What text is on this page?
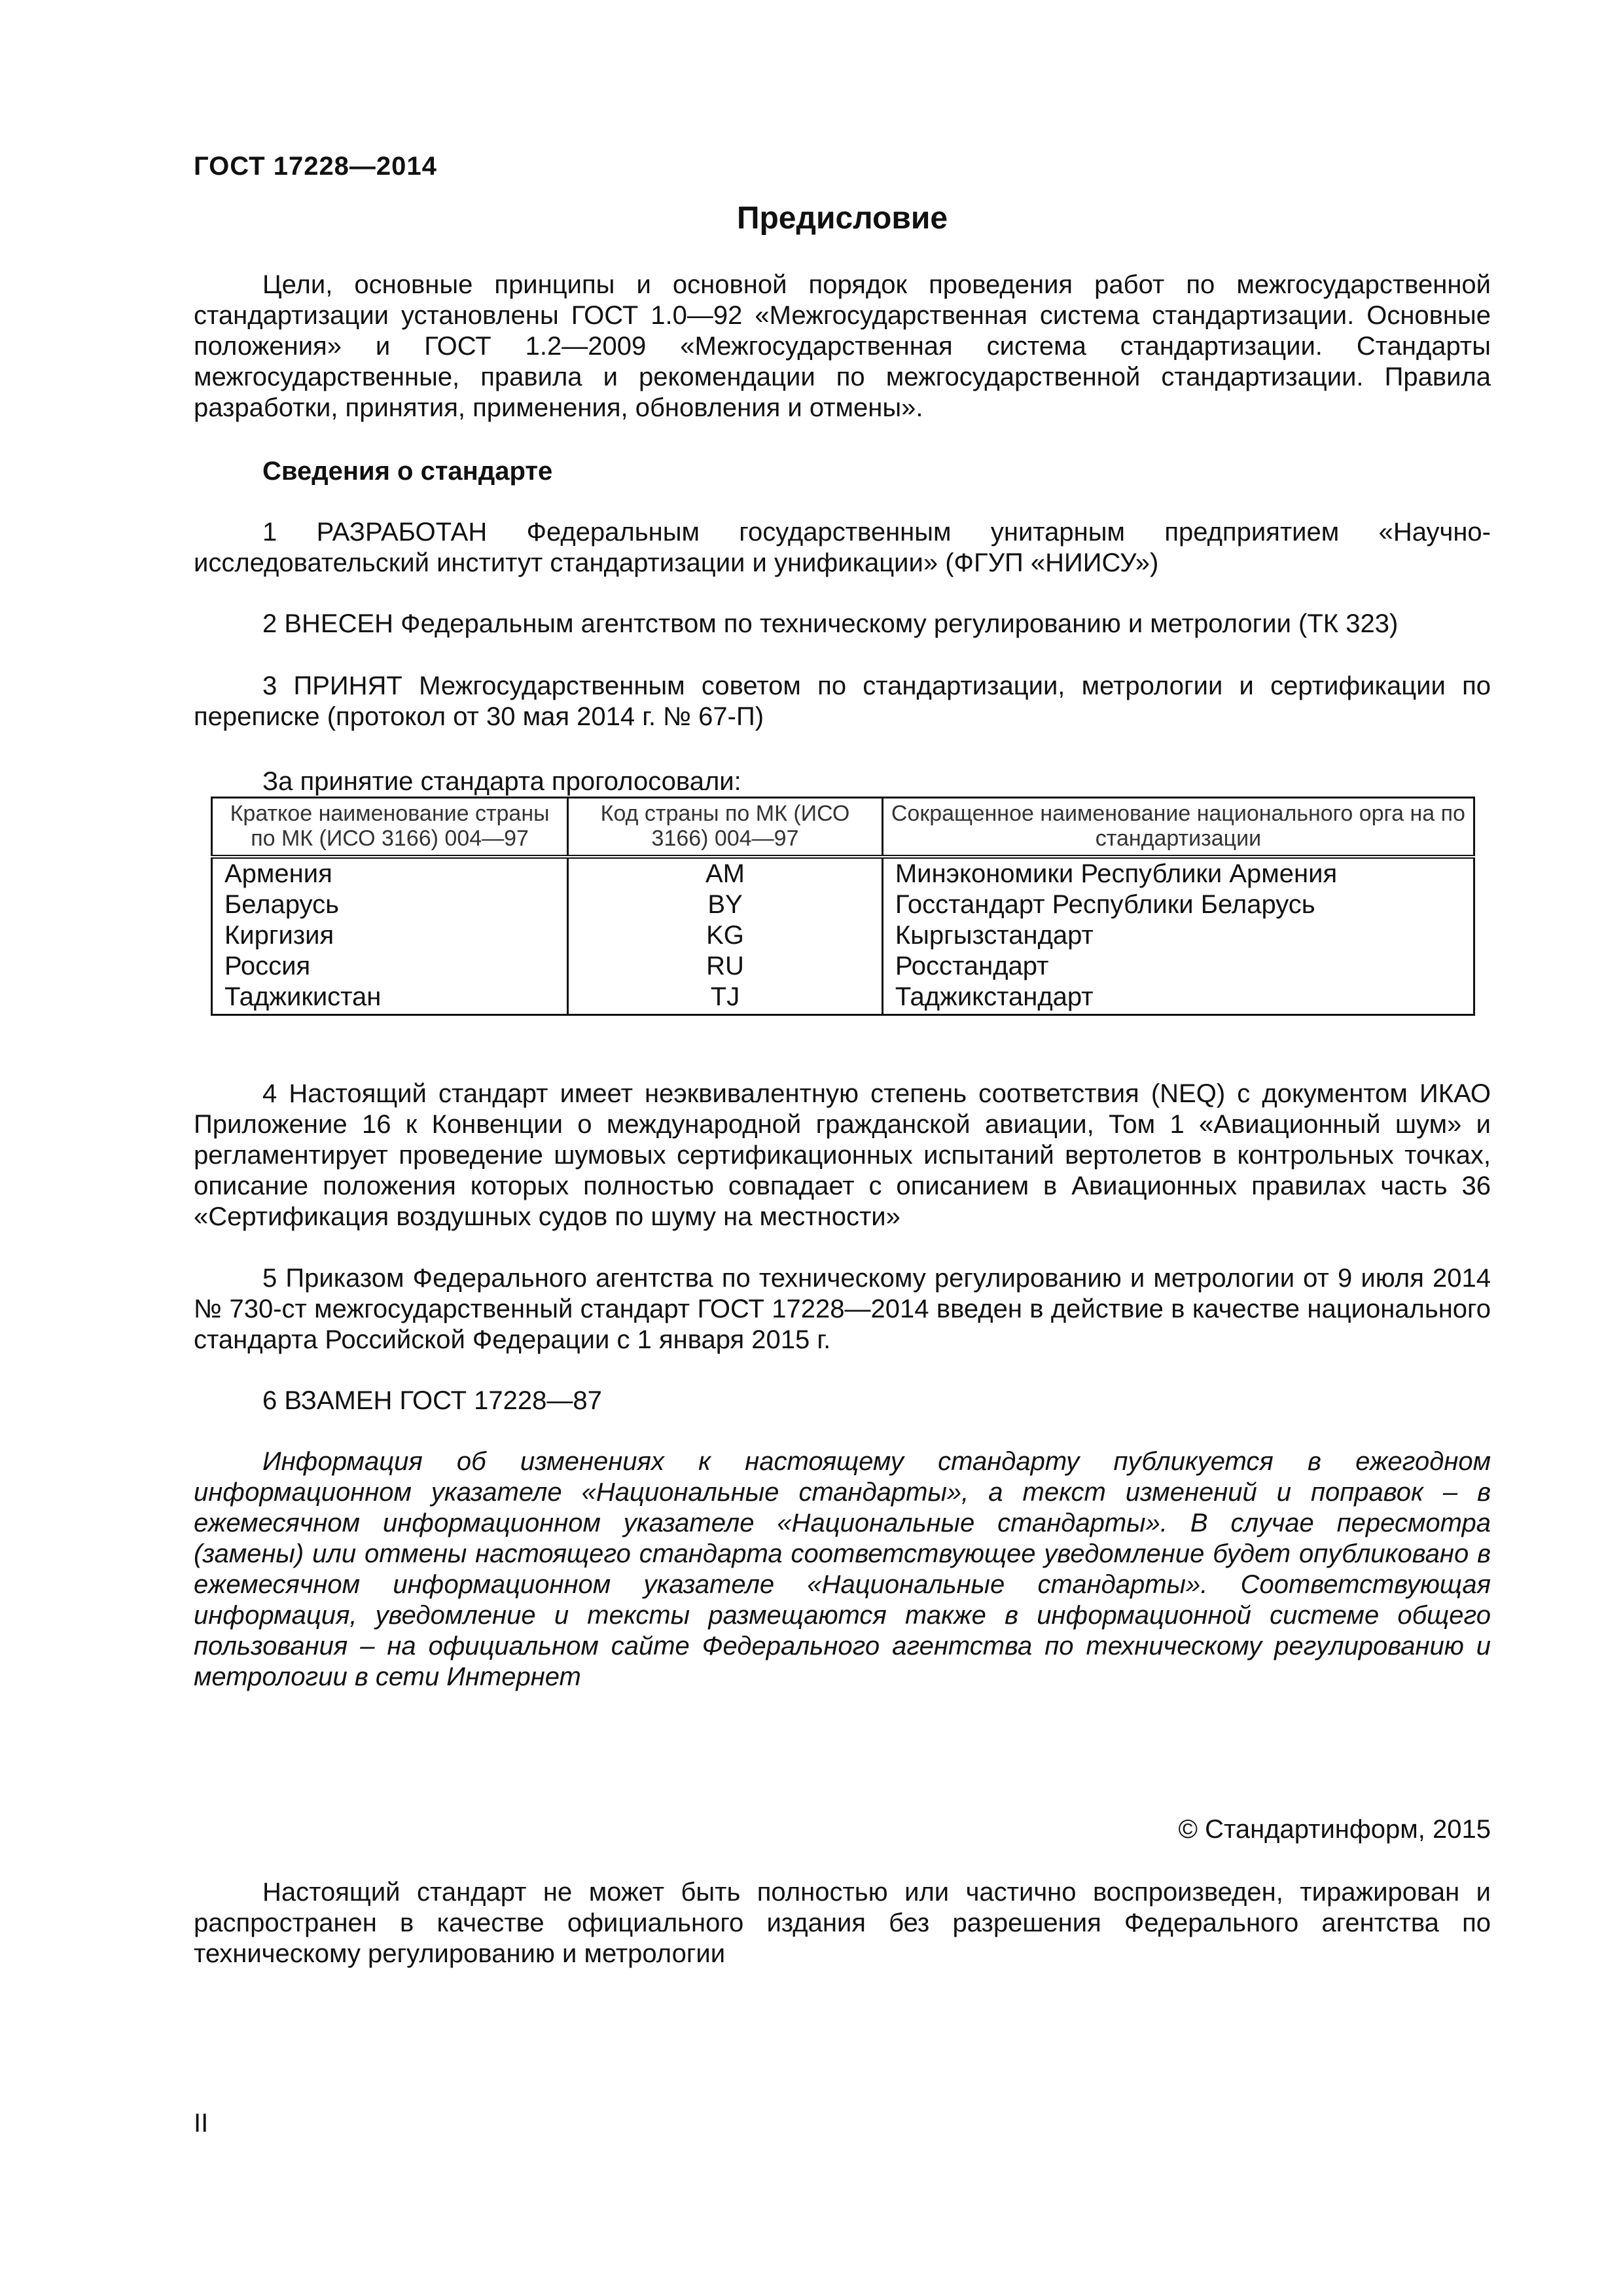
ГОСТ 17228—2014
Предисловие

Цели, основные принципы и основной порядок проведения работ по межгосударственной стандартизации установлены ГОСТ 1.0—92 «Межгосударственная система стандартизации. Основные положения» и ГОСТ 1.2—2009 «Межгосударственная система стандартизации. Стандарты межгосударственные, правила и рекомендации по межгосударственной стандартизации. Правила разработки, принятия, применения, обновления и отмены».

Сведения о стандарте

1 РАЗРАБОТАН Федеральным государственным унитарным предприятием «Научно-исследовательский институт стандартизации и унификации» (ФГУП «НИИСУ»)

2 ВНЕСЕН Федеральным агентством по техническому регулированию и метрологии (ТК 323)

3 ПРИНЯТ Межгосударственным советом по стандартизации, метрологии и сертификации по переписке (протокол от 30 мая 2014 г. № 67-П)

За принятие стандарта проголосовали:
Краткое наименование страны по МК (ИСО 3166) 004—97	Код страны по МК (ИСО 3166) 004—97	Сокращенное наименование национального орга на по стандартизации
Армения	AM	Минэкономики Республики Армения
Беларусь	BY	Госстандарт Республики Беларусь
Киргизия	KG	Кыргызстандарт
Россия	RU	Росстандарт
Таджикистан	TJ	Таджикстандарт

4 Настоящий стандарт имеет неэквивалентную степень соответствия (NEQ) с документом ИКАО Приложение 16 к Конвенции о международной гражданской авиации, Том 1 «Авиационный шум» и регламентирует проведение шумовых сертификационных испытаний вертолетов в контрольных точках, описание положения которых полностью совпадает с описанием в Авиационных правилах часть 36 «Сертификация воздушных судов по шуму на местности»

5 Приказом Федерального агентства по техническому регулированию и метрологии от 9 июля 2014 № 730-ст межгосударственный стандарт ГОСТ 17228—2014 введен в действие в качестве национального стандарта Российской Федерации с 1 января 2015 г.

6 ВЗАМЕН ГОСТ 17228—87

Информация об изменениях к настоящему стандарту публикуется в ежегодном информационном указателе «Национальные стандарты», а текст изменений и поправок – в ежемесячном информационном указателе «Национальные стандарты». В случае пересмотра (замены) или отмены настоящего стандарта соответствующее уведомление будет опубликовано в ежемесячном информационном указателе «Национальные стандарты». Соответствующая информация, уведомление и тексты размещаются также в информационной системе общего пользования – на официальном сайте Федерального агентства по техническому регулированию и метрологии в сети Интернет

© Стандартинформ, 2015

Настоящий стандарт не может быть полностью или частично воспроизведен, тиражирован и распространен в качестве официального издания без разрешения Федерального агентства по техническому регулированию и метрологии

II
